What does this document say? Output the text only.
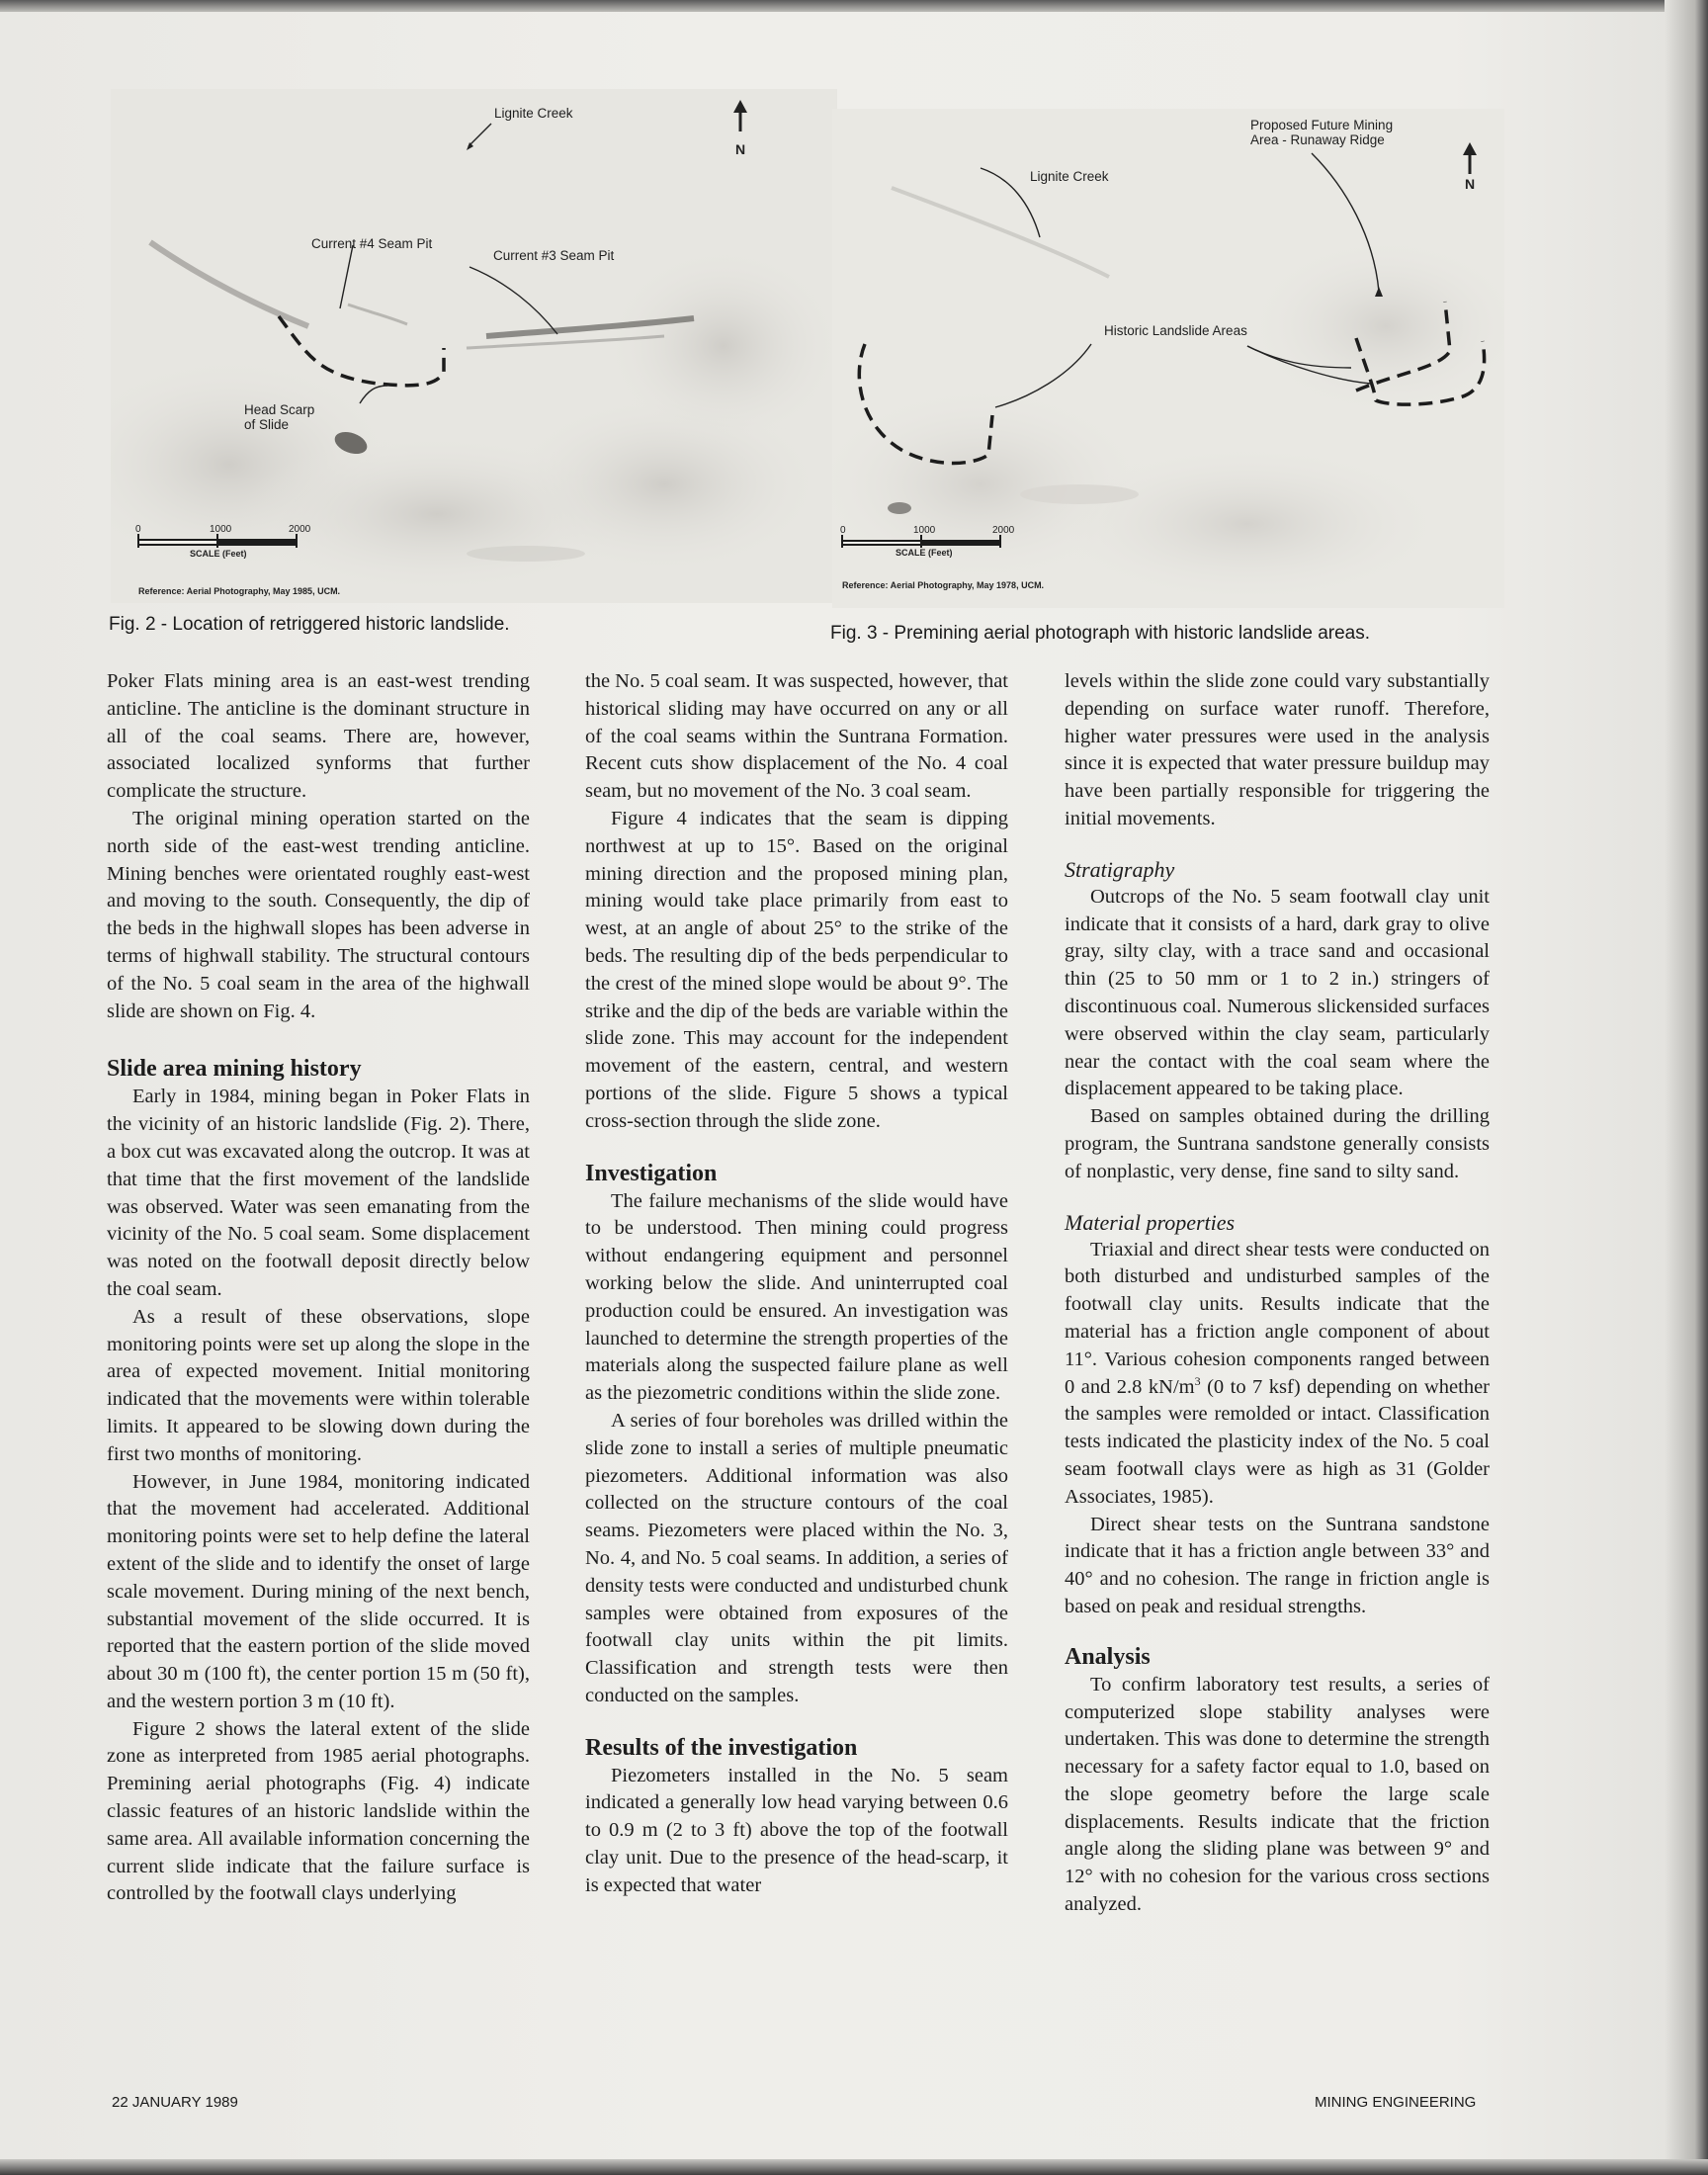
Lignite Creek
N
Current #4 Seam Pit
Current #3 Seam Pit
Head Scarp
of Slide
0	1000	2000
SCALE (Feet)
Reference: Aerial Photography, May 1985, UCM.
Fig. 2 - Location of retriggered historic landslide.
Proposed Future Mining
Area - Runaway Ridge
Lignite Creek	N
Historic Landslide Areas
0	1000	2000
SCALE (Feet)
Reference: Aerial Photography, May 1978, UCM.
Fig. 3 - Premining aerial photograph with historic landslide areas.

Poker Flats mining area is an east-west trending anticline. The anticline is the dominant structure in all of the coal seams. There are, however, associated localized synforms that further complicate the structure.

The original mining operation started on the north side of the east-west trending anticline. Mining benches were orientated roughly east-west and moving to the south. Consequently, the dip of the beds in the highwall slopes has been adverse in terms of highwall stability. The structural contours of the No. 5 coal seam in the area of the highwall slide are shown on Fig. 4.

Slide area mining history

Early in 1984, mining began in Poker Flats in the vicinity of an historic landslide (Fig. 2). There, a box cut was excavated along the outcrop. It was at that time that the first movement of the landslide was observed. Water was seen emanating from the vicinity of the No. 5 coal seam. Some displacement was noted on the footwall deposit directly below the coal seam.

As a result of these observations, slope monitoring points were set up along the slope in the area of expected movement. Initial monitoring indicated that the movements were within tolerable limits. It appeared to be slowing down during the first two months of monitoring.

However, in June 1984, monitoring indicated that the movement had accelerated. Additional monitoring points were set to help define the lateral extent of the slide and to identify the onset of large scale movement. During mining of the next bench, substantial movement of the slide occurred. It is reported that the eastern portion of the slide moved about 30 m (100 ft), the center portion 15 m (50 ft), and the western portion 3 m (10 ft).

Figure 2 shows the lateral extent of the slide zone as interpreted from 1985 aerial photographs. Premining aerial photographs (Fig. 4) indicate classic features of an historic landslide within the same area. All available information concerning the current slide indicate that the failure surface is controlled by the footwall clays underlying

the No. 5 coal seam. It was suspected, however, that historical sliding may have occurred on any or all of the coal seams within the Suntrana Formation. Recent cuts show displacement of the No. 4 coal seam, but no movement of the No. 3 coal seam.

Figure 4 indicates that the seam is dipping northwest at up to 15°. Based on the original mining direction and the proposed mining plan, mining would take place primarily from east to west, at an angle of about 25° to the strike of the beds. The resulting dip of the beds perpendicular to the crest of the mined slope would be about 9°. The strike and the dip of the beds are variable within the slide zone. This may account for the independent movement of the eastern, central, and western portions of the slide. Figure 5 shows a typical cross-section through the slide zone.

Investigation

The failure mechanisms of the slide would have to be understood. Then mining could progress without endangering equipment and personnel working below the slide. And uninterrupted coal production could be ensured. An investigation was launched to determine the strength properties of the materials along the suspected failure plane as well as the piezometric conditions within the slide zone.

A series of four boreholes was drilled within the slide zone to install a series of multiple pneumatic piezometers. Additional information was also collected on the structure contours of the coal seams. Piezometers were placed within the No. 3, No. 4, and No. 5 coal seams. In addition, a series of density tests were conducted and undisturbed chunk samples were obtained from exposures of the footwall clay units within the pit limits. Classification and strength tests were then conducted on the samples.

Results of the investigation

Piezometers installed in the No. 5 seam indicated a generally low head varying between 0.6 to 0.9 m (2 to 3 ft) above the top of the footwall clay unit. Due to the presence of the head-scarp, it is expected that water

levels within the slide zone could vary substantially depending on surface water runoff. Therefore, higher water pressures were used in the analysis since it is expected that water pressure buildup may have been partially responsible for triggering the initial movements.

Stratigraphy

Outcrops of the No. 5 seam footwall clay unit indicate that it consists of a hard, dark gray to olive gray, silty clay, with a trace sand and occasional thin (25 to 50 mm or 1 to 2 in.) stringers of discontinuous coal. Numerous slickensided surfaces were observed within the clay seam, particularly near the contact with the coal seam where the displacement appeared to be taking place.

Based on samples obtained during the drilling program, the Suntrana sandstone generally consists of nonplastic, very dense, fine sand to silty sand.

Material properties

Triaxial and direct shear tests were conducted on both disturbed and undisturbed samples of the footwall clay units. Results indicate that the material has a friction angle component of about 11°. Various cohesion components ranged between 0 and 2.8 $kN/m^3$ (0 to 7 ksf) depending on whether the samples were remolded or intact. Classification tests indicated the plasticity index of the No. 5 coal seam footwall clays were as high as 31 (Golder Associates, 1985).

Direct shear tests on the Suntrana sandstone indicate that it has a friction angle between 33° and 40° and no cohesion. The range in friction angle is based on peak and residual strengths.

Analysis

To confirm laboratory test results, a series of computerized slope stability analyses were undertaken. This was done to determine the strength necessary for a safety factor equal to 1.0, based on the slope geometry before the large scale displacements. Results indicate that the friction angle along the sliding plane was between 9° and 12° with no cohesion for the various cross sections analyzed.

22 JANUARY 1989	MINING ENGINEERING
